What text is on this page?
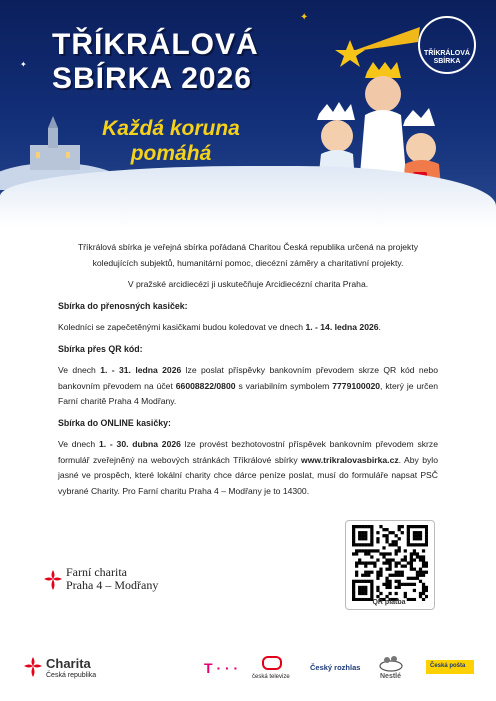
✦
✦
TŘÍKRÁLOVÁ
SBÍRKA 2026
Každá koruna
pomáhá
TŘÍKRÁLOVÁ
SBÍRKA

Tříkrálová sbírka je veřejná sbírka pořádaná Charitou Česká republika určená na projekty koledujících subjektů, humanitární pomoc, diecézní záměry a charitativní projekty.

V pražské arcidiecézi ji uskutečňuje Arcidiecézní charita Praha.

Sbírka do přenosných kasiček:

Koledníci se zapečetěnými kasičkami budou koledovat ve dnech 1. - 14. ledna 2026.

Sbírka přes QR kód:

Ve dnech 1. - 31. ledna 2026 lze poslat příspěvky bankovním převodem skrze QR kód nebo bankovním převodem na účet 66008822/0800 s variabilním symbolem 7779100020, který je určen Farní charitě Praha 4 Modřany.

Sbírka do ONLINE kasičky:

Ve dnech 1. - 30. dubna 2026 lze provést bezhotovostní příspěvek bankovním převodem skrze formulář zveřejněný na webových stránkách Tříkrálové sbírky www.trikralovasbirka.cz. Aby bylo jasné ve prospěch, které lokální charity chce dárce peníze poslat, musí do formuláře napsat PSČ vybrané Charity. Pro Farní charitu Praha 4 – Modřany je to 14300.

Farní charita
Praha 4 – Modřany
QR platba
Charita
Česká republika	T · · ·
česká televize
Český rozhlas
Nestlé
Česká pošta
